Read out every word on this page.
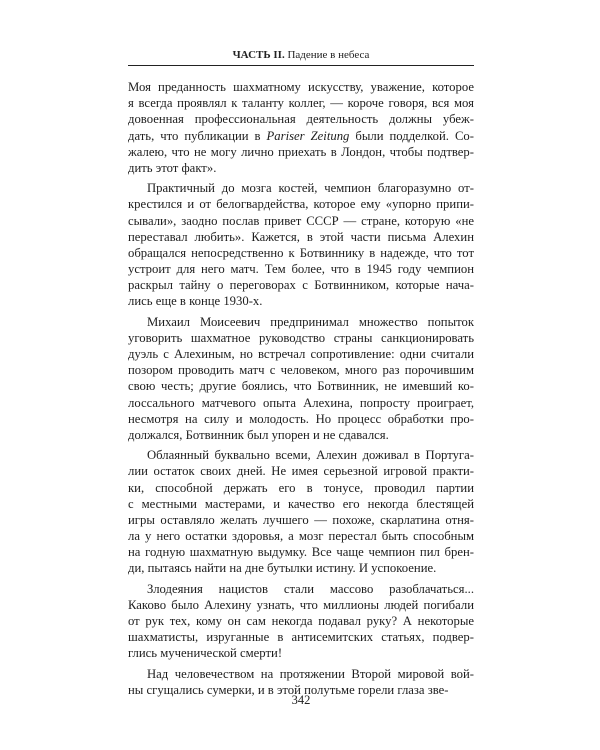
ЧАСТЬ II. Падение в небеса
Моя преданность шахматному искусству, уважение, которое
я всегда проявлял к таланту коллег, — короче говоря, вся моя
довоенная профессиональная деятельность должны убеж-
дать, что публикации в Pariser Zeitung были подделкой. Со-
жалею, что не могу лично приехать в Лондон, чтобы подтвер-
дить этот факт».
Практичный до мозга костей, чемпион благоразумно от-
крестился и от белогвардейства, которое ему «упорно припи-
сывали», заодно послав привет СССР — стране, которую «не
переставал любить». Кажется, в этой части письма Алехин
обращался непосредственно к Ботвиннику в надежде, что тот
устроит для него матч. Тем более, что в 1945 году чемпион
раскрыл тайну о переговорах с Ботвинником, которые нача-
лись еще в конце 1930-х.
Михаил Моисеевич предпринимал множество попыток
уговорить шахматное руководство страны санкционировать
дуэль с Алехиным, но встречал сопротивление: одни считали
позором проводить матч с человеком, много раз порочившим
свою честь; другие боялись, что Ботвинник, не имевший ко-
лоссального матчевого опыта Алехина, попросту проиграет,
несмотря на силу и молодость. Но процесс обработки про-
должался, Ботвинник был упорен и не сдавался.
Облаянный буквально всеми, Алехин доживал в Португа-
лии остаток своих дней. Не имея серьезной игровой практи-
ки, способной держать его в тонусе, проводил партии
с местными мастерами, и качество его некогда блестящей
игры оставляло желать лучшего — похоже, скарлатина отня-
ла у него остатки здоровья, а мозг перестал быть способным
на годную шахматную выдумку. Все чаще чемпион пил брен-
ди, пытаясь найти на дне бутылки истину. И успокоение.
Злодеяния нацистов стали массово разоблачаться...
Каково было Алехину узнать, что миллионы людей погибали
от рук тех, кому он сам некогда подавал руку? А некоторые
шахматисты, изруганные в антисемитских статьях, подвер-
глись мученической смерти!
Над человечеством на протяжении Второй мировой вой-
ны сгущались сумерки, и в этой полутьме горели глаза зве-
342
